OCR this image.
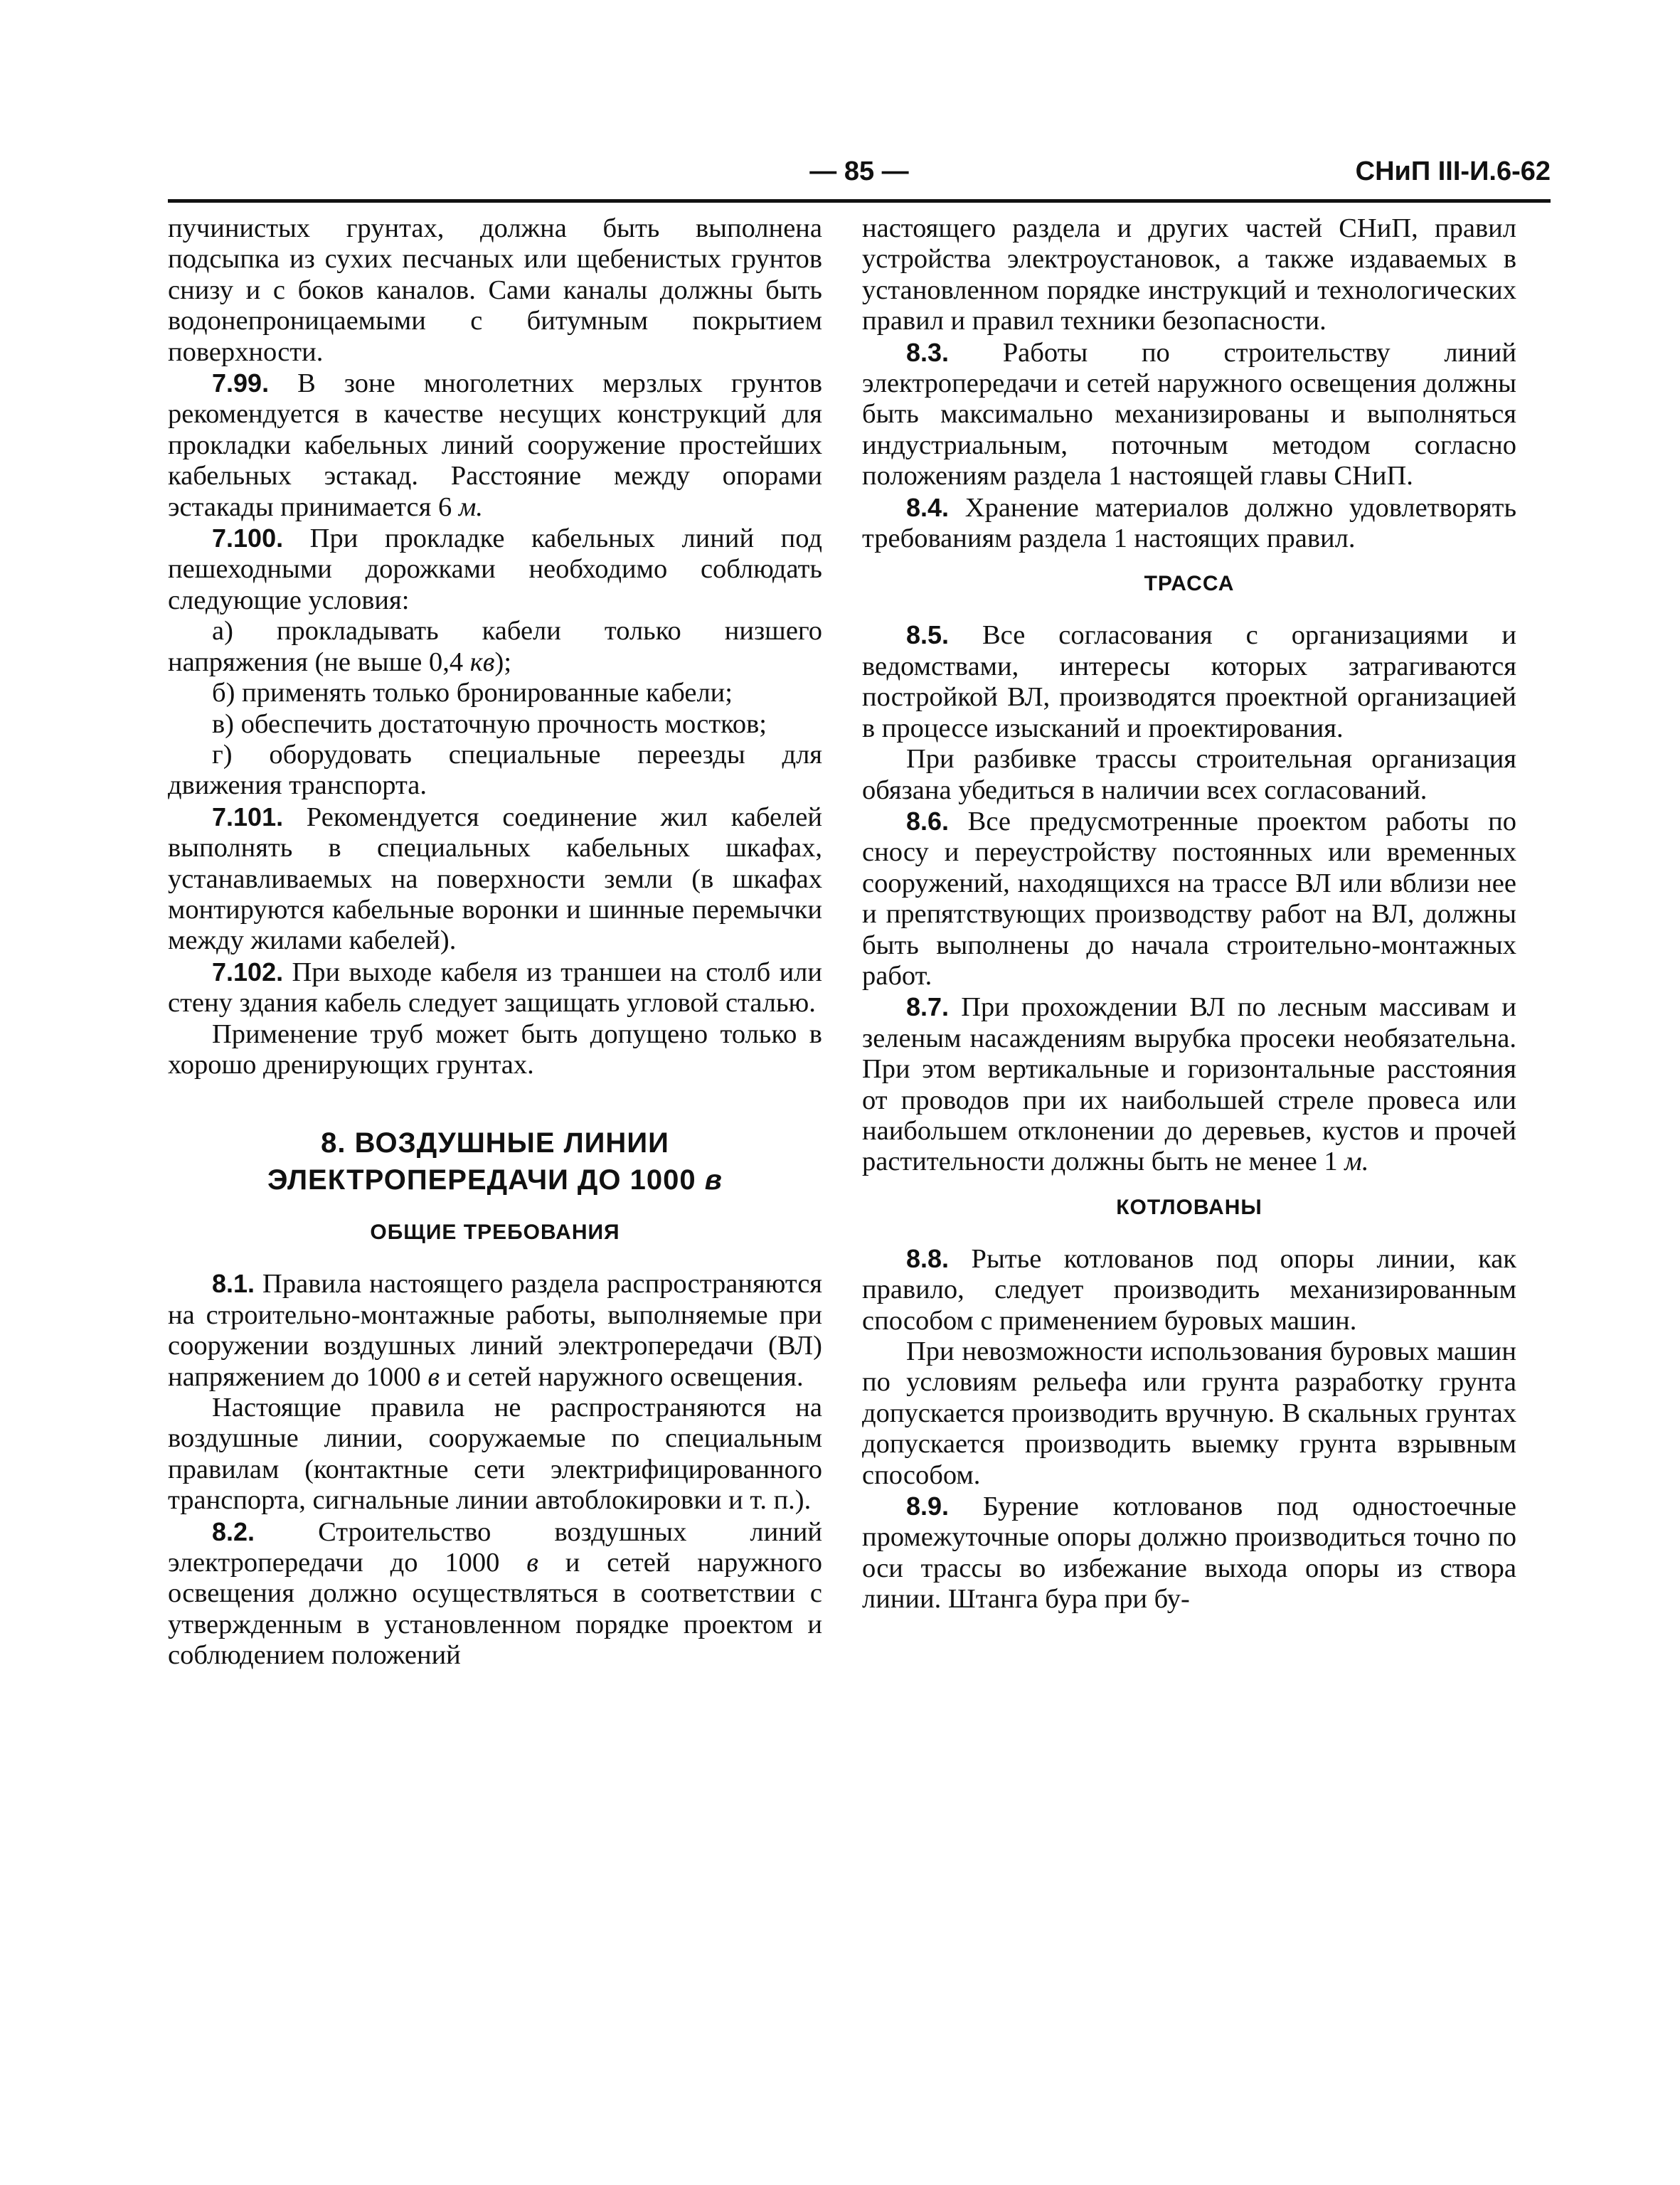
— 85 —	СНиП III-И.6-62

пучинистых грунтах, должна быть выполнена подсыпка из сухих песчаных или щебенистых грунтов снизу и с боков каналов. Сами каналы должны быть водонепроницаемыми с битумным покрытием поверхности.

7.99. В зоне многолетних мерзлых грунтов рекомендуется в качестве несущих конструкций для прокладки кабельных линий сооружение простейших кабельных эстакад. Расстояние между опорами эстакады принимается 6 м.

7.100. При прокладке кабельных линий под пешеходными дорожками необходимо соблюдать следующие условия:

а) прокладывать кабели только низшего напряжения (не выше 0,4 кв);

б) применять только бронированные кабели;

в) обеспечить достаточную прочность мостков;

г) оборудовать специальные переезды для движения транспорта.

7.101. Рекомендуется соединение жил кабелей выполнять в специальных кабельных шкафах, устанавливаемых на поверхности земли (в шкафах монтируются кабельные воронки и шинные перемычки между жилами кабелей).

7.102. При выходе кабеля из траншеи на столб или стену здания кабель следует защищать угловой сталью.

Применение труб может быть допущено только в хорошо дренирующих грунтах.

8. ВОЗДУШНЫЕ ЛИНИИ
ЭЛЕКТРОПЕРЕДАЧИ ДО 1000 в
ОБЩИЕ ТРЕБОВАНИЯ

8.1. Правила настоящего раздела распространяются на строительно-монтажные работы, выполняемые при сооружении воздушных линий электропередачи (ВЛ) напряжением до 1000 в и сетей наружного освещения.

Настоящие правила не распространяются на воздушные линии, сооружаемые по специальным правилам (контактные сети электрифицированного транспорта, сигнальные линии автоблокировки и т. п.).

8.2. Строительство воздушных линий электропередачи до 1000 в и сетей наружного освещения должно осуществляться в соответствии с утвержденным в установленном порядке проектом и соблюдением положений

настоящего раздела и других частей СНиП, правил устройства электроустановок, а также издаваемых в установленном порядке инструкций и технологических правил и правил техники безопасности.

8.3. Работы по строительству линий электропередачи и сетей наружного освещения должны быть максимально механизированы и выполняться индустриальным, поточным методом согласно положениям раздела 1 настоящей главы СНиП.

8.4. Хранение материалов должно удовлетворять требованиям раздела 1 настоящих правил.

ТРАССА

8.5. Все согласования с организациями и ведомствами, интересы которых затрагиваются постройкой ВЛ, производятся проектной организацией в процессе изысканий и проектирования.

При разбивке трассы строительная организация обязана убедиться в наличии всех согласований.

8.6. Все предусмотренные проектом работы по сносу и переустройству постоянных или временных сооружений, находящихся на трассе ВЛ или вблизи нее и препятствующих производству работ на ВЛ, должны быть выполнены до начала строительно-монтажных работ.

8.7. При прохождении ВЛ по лесным массивам и зеленым насаждениям вырубка просеки необязательна. При этом вертикальные и горизонтальные расстояния от проводов при их наибольшей стреле провеса или наибольшем отклонении до деревьев, кустов и прочей растительности должны быть не менее 1 м.

КОТЛОВАНЫ

8.8. Рытье котлованов под опоры линии, как правило, следует производить механизированным способом с применением буровых машин.

При невозможности использования буровых машин по условиям рельефа или грунта разработку грунта допускается производить вручную. В скальных грунтах допускается производить выемку грунта взрывным способом.

8.9. Бурение котлованов под одностоечные промежуточные опоры должно производиться точно по оси трассы во избежание выхода опоры из створа линии. Штанга бура при бу-
